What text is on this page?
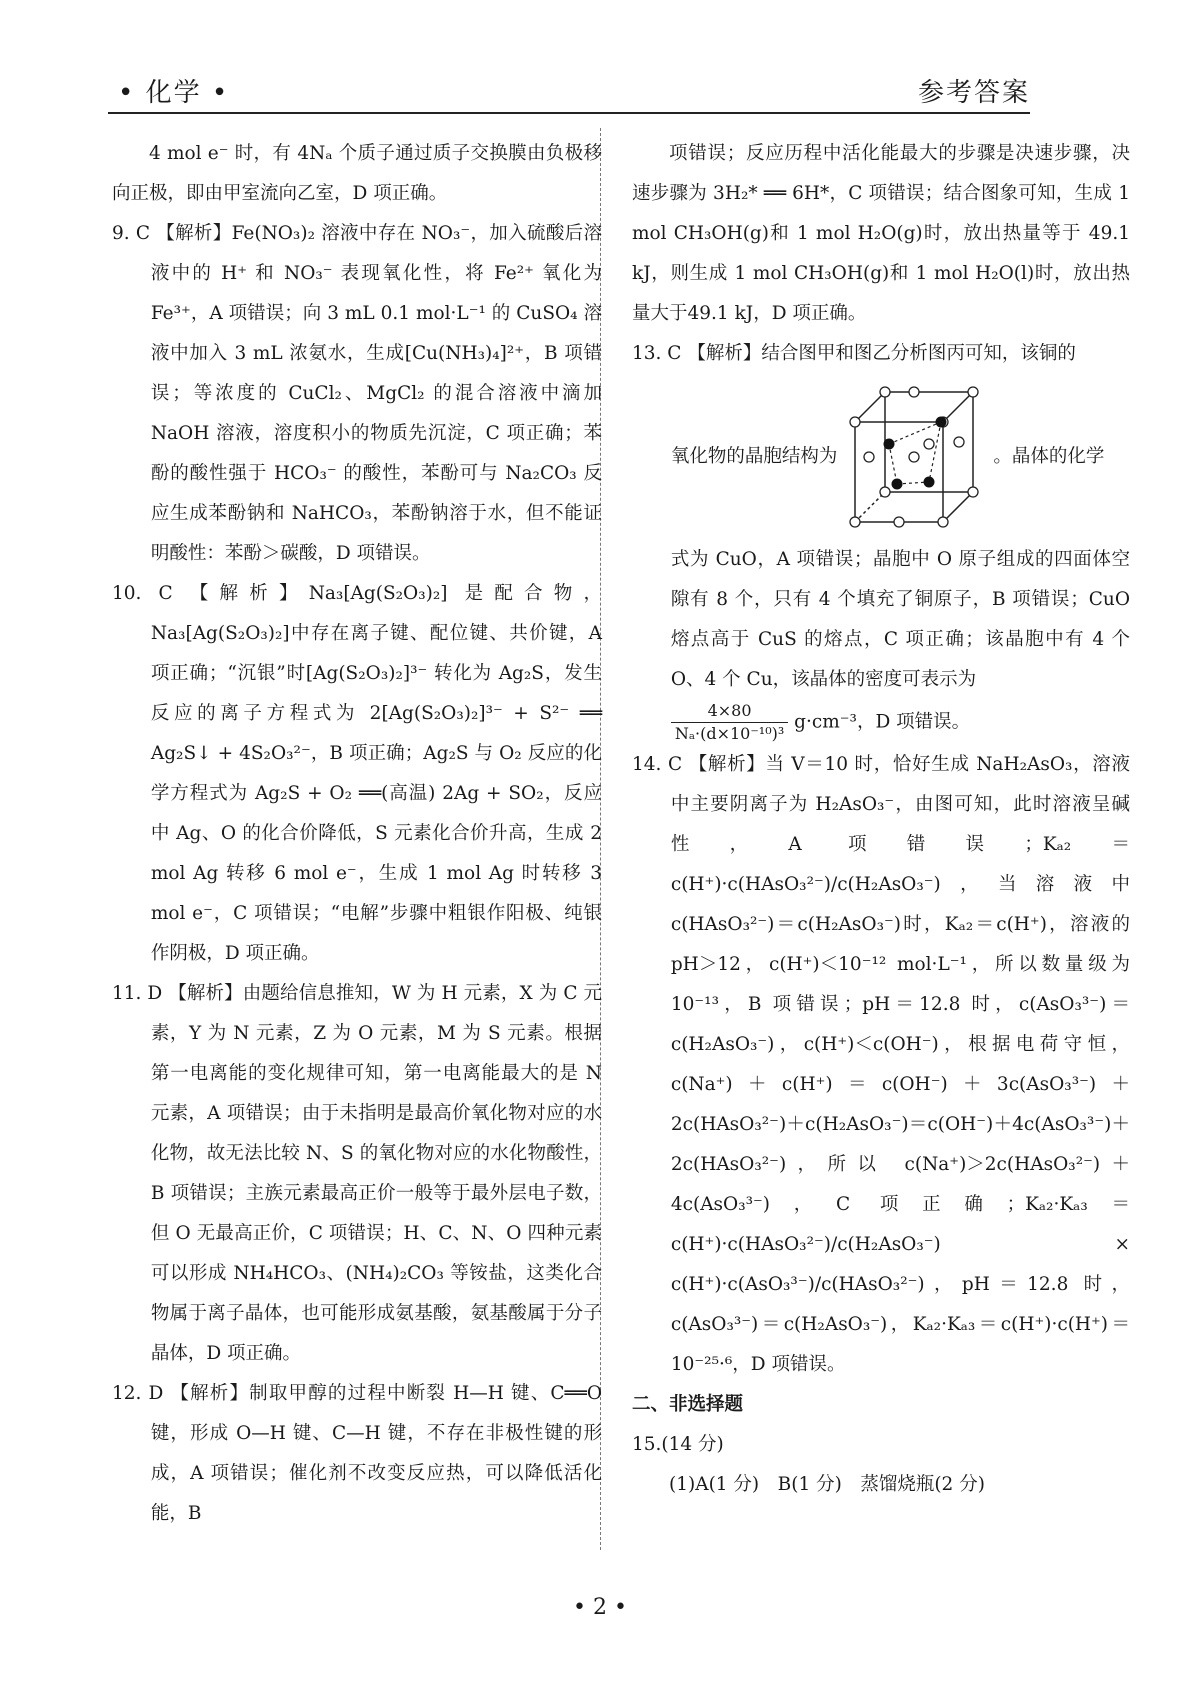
• 化学 •	参考答案

4 mol e⁻ 时，有 4Nₐ 个质子通过质子交换膜由负极移向正极，即由甲室流向乙室，D 项正确。

9. C 【解析】Fe(NO₃)₂ 溶液中存在 NO₃⁻，加入硫酸后溶液中的 H⁺ 和 NO₃⁻ 表现氧化性，将 Fe²⁺ 氧化为 Fe³⁺，A 项错误；向 3 mL 0.1 mol·L⁻¹ 的 CuSO₄ 溶液中加入 3 mL 浓氨水，生成[Cu(NH₃)₄]²⁺，B 项错误；等浓度的 CuCl₂、MgCl₂ 的混合溶液中滴加 NaOH 溶液，溶度积小的物质先沉淀，C 项正确；苯酚的酸性强于 HCO₃⁻ 的酸性，苯酚可与 Na₂CO₃ 反应生成苯酚钠和 NaHCO₃，苯酚钠溶于水，但不能证明酸性：苯酚＞碳酸，D 项错误。

10. C 【解析】Na₃[Ag(S₂O₃)₂] 是配合物，Na₃[Ag(S₂O₃)₂]中存在离子键、配位键、共价键，A 项正确；“沉银”时[Ag(S₂O₃)₂]³⁻ 转化为 Ag₂S，发生反应的离子方程式为 2[Ag(S₂O₃)₂]³⁻ + S²⁻ ══ Ag₂S↓ + 4S₂O₃²⁻，B 项正确；Ag₂S 与 O₂ 反应的化学方程式为 Ag₂S + O₂ ══(高温) 2Ag + SO₂，反应中 Ag、O 的化合价降低，S 元素化合价升高，生成 2 mol Ag 转移 6 mol e⁻，生成 1 mol Ag 时转移 3 mol e⁻，C 项错误；“电解”步骤中粗银作阳极、纯银作阴极，D 项正确。

11. D 【解析】由题给信息推知，W 为 H 元素，X 为 C 元素，Y 为 N 元素，Z 为 O 元素，M 为 S 元素。根据第一电离能的变化规律可知，第一电离能最大的是 N 元素，A 项错误；由于未指明是最高价氧化物对应的水化物，故无法比较 N、S 的氧化物对应的水化物酸性，B 项错误；主族元素最高正价一般等于最外层电子数，但 O 无最高正价，C 项错误；H、C、N、O 四种元素可以形成 NH₄HCO₃、(NH₄)₂CO₃ 等铵盐，这类化合物属于离子晶体，也可能形成氨基酸，氨基酸属于分子晶体，D 项正确。

12. D 【解析】制取甲醇的过程中断裂 H—H 键、C══O 键，形成 O—H 键、C—H 键，不存在非极性键的形成，A 项错误；催化剂不改变反应热，可以降低活化能，B

项错误；反应历程中活化能最大的步骤是决速步骤，决速步骤为 3H₂* ══ 6H*，C 项错误；结合图象可知，生成 1 mol CH₃OH(g)和 1 mol H₂O(g)时，放出热量等于 49.1 kJ，则生成 1 mol CH₃OH(g)和 1 mol H₂O(l)时，放出热量大于49.1 kJ，D 项正确。

13. C 【解析】结合图甲和图乙分析图丙可知，该铜的

氧化物的晶胞结构为	。晶体的化学

式为 CuO，A 项错误；晶胞中 O 原子组成的四面体空隙有 8 个，只有 4 个填充了铜原子，B 项错误；CuO 熔点高于 CuS 的熔点，C 项正确；该晶胞中有 4 个 O、4 个 Cu，该晶体的密度可表示为

$\frac{4\times 80}{\text{Nₐ·(d×10⁻¹⁰)³}} g\cdot cm^{-3}$，D 项错误。

14. C 【解析】当 V＝10 时，恰好生成 NaH₂AsO₃，溶液中主要阴离子为 H₂AsO₃⁻，由图可知，此时溶液呈碱性，A 项错误；Kₐ₂＝c(H⁺)·c(HAsO₃²⁻)/c(H₂AsO₃⁻)，当溶液中 c(HAsO₃²⁻)＝c(H₂AsO₃⁻)时，Kₐ₂＝c(H⁺)，溶液的 pH＞12，c(H⁺)＜10⁻¹² mol·L⁻¹，所以数量级为 10⁻¹³，B 项错误；pH＝12.8 时，c(AsO₃³⁻)＝c(H₂AsO₃⁻)，c(H⁺)＜c(OH⁻)，根据电荷守恒，c(Na⁺)＋c(H⁺)＝c(OH⁻)＋3c(AsO₃³⁻)＋2c(HAsO₃²⁻)＋c(H₂AsO₃⁻)＝c(OH⁻)＋4c(AsO₃³⁻)＋2c(HAsO₃²⁻)，所以 c(Na⁺)＞2c(HAsO₃²⁻)＋4c(AsO₃³⁻)，C 项正确；Kₐ₂·Kₐ₃＝c(H⁺)·c(HAsO₃²⁻)/c(H₂AsO₃⁻) × c(H⁺)·c(AsO₃³⁻)/c(HAsO₃²⁻)，pH＝12.8 时，c(AsO₃³⁻)＝c(H₂AsO₃⁻)，Kₐ₂·Kₐ₃＝c(H⁺)·c(H⁺)＝10⁻²⁵·⁶，D 项错误。

二、非选择题

15.(14 分)

(1)A(1 分)　B(1 分)　蒸馏烧瓶(2 分)

• 2 •
